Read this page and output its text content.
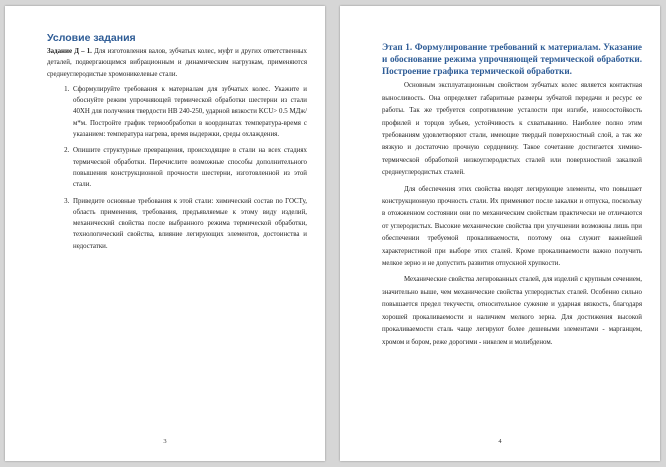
Условие задания

Задание Д – 1. Для изготовления валов, зубчатых колес, муфт и других ответственных деталей, подвергающимся вибрационным и динамическим нагрузкам, применяются среднеуглеродистые хромоникелевые стали.

1. Сформулируйте требования к материалам для зубчатых колес. Укажите и обоснуйте режим упрочняющей термической обработки шестерни из стали 40ХН для получения твердости НВ 240-250, ударной вязкости KCU> 0.5 МДж/м*м. Постройте график термообработки в координатах температура-время с указанием: температура нагрева, время выдержки, среды охлаждения.
2. Опишите структурные превращения, происходящие в стали на всех стадиях термической обработки. Перечислите возможные способы дополнительного повышения конструкционной прочности шестерни, изготовленной из этой стали.
3. Приведите основные требования к этой стали: химический состав по ГОСТу, область применения, требования, предъявляемые к этому виду изделий, механический свойства после выбранного режима термической обработки, технологический свойства, влияние легирующих элементов, достоинства и недостатки.
3
Этап 1. Формулирование требований к материалам. Указание и обоснование режима упрочняющей термической обработки. Построение графика термической обработки.

Основным эксплуатационным свойством зубчатых колес является контактная выносливость. Она определяет габаритные размеры зубчатой передачи и ресурс ее работы. Так же требуется сопротивление усталости при изгибе, износостойкость профилей и торцов зубьев, устойчивость к схватыванию. Наиболее полно этим требованиям удовлетворяют стали, имеющие твердый поверхностный слой, а так же вязкую и достаточно прочную сердцевину. Такое сочетание достигается химико-термической обработкой низкоуглеродистых сталей или поверхностной закалкой среднеуглеродистых сталей.

Для обеспечения этих свойства вводят легирующие элементы, что повышает конструкционную прочность стали. Их применяют после закалки и отпуска, поскольку в отожженном состоянии они по механическим свойствам практически не отличаются от углеродистых. Высокие механические свойства при улучшении возможны лишь при обеспечении требуемой прокаливаемости, поэтому она служит важнейшей характеристикой при выборе этих сталей. Кроме прокаливаемости важно получить мелкое зерно и не допустить развития отпускной хрупкости.

Механические свойства легированных сталей, для изделий с крупным сечением, значительно выше, чем механические свойства углеродистых сталей. Особенно сильно повышается предел текучести, относительное сужение и ударная вязкость, благодаря хорошей прокаливаемости и наличием мелкого зерна. Для достижения высокой прокаливаемости сталь чаще легируют более дешевыми элементами - марганцем, хромом и бором, реже дорогими - никелем и молибденом.

4
